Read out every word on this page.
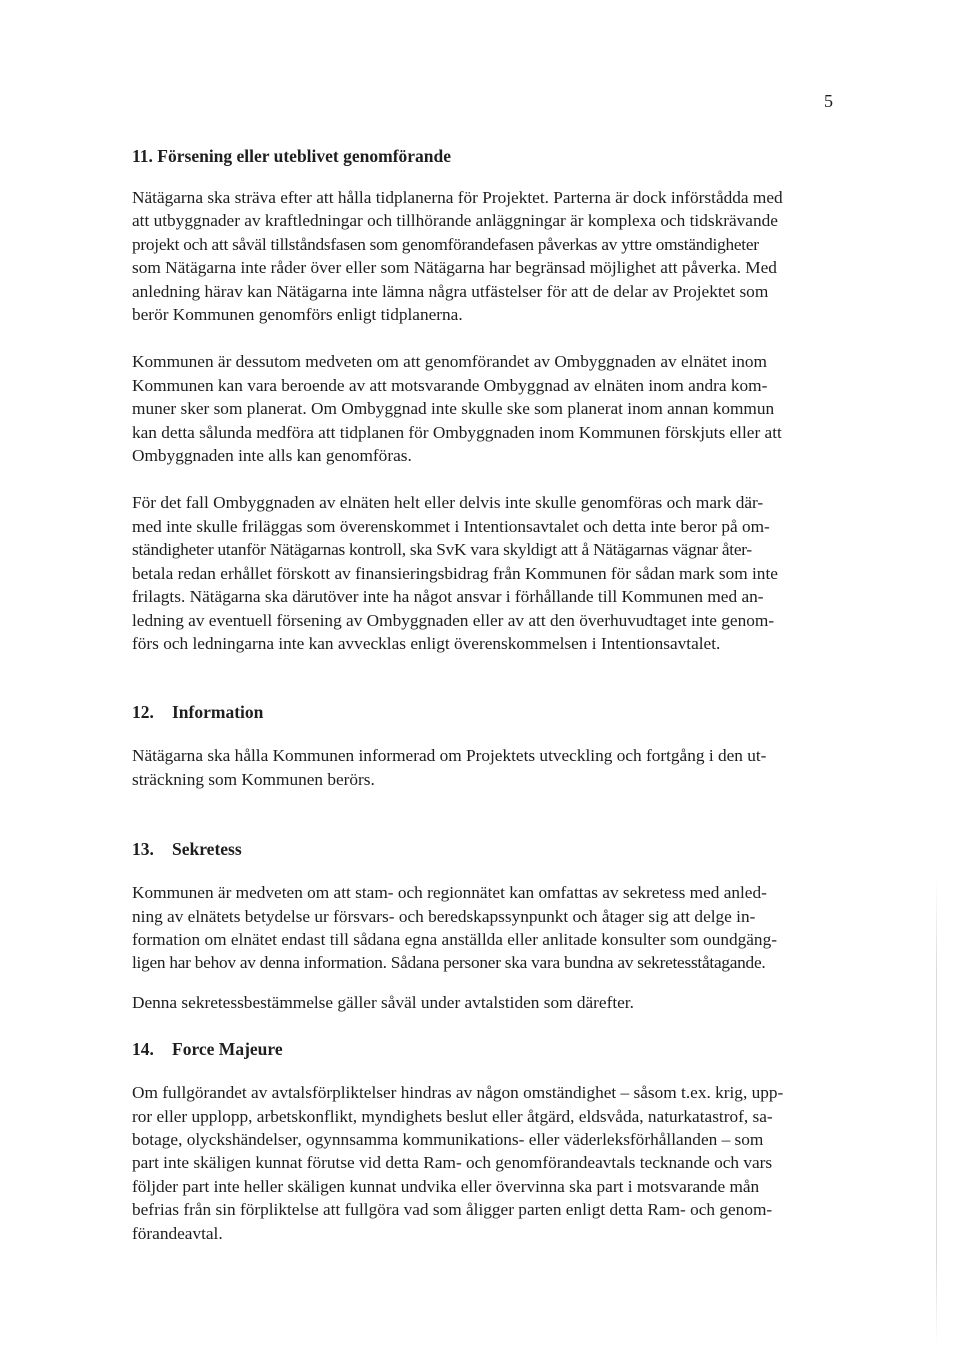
5
11. Försening eller uteblivet genomförande

Nätägarna ska sträva efter att hålla tidplanerna för Projektet. Parterna är dock införstådda med
att utbyggnader av kraftledningar och tillhörande anläggningar är komplexa och tidskrävande
projekt och att såväl tillståndsfasen som genomförandefasen påverkas av yttre omständigheter
som Nätägarna inte råder över eller som Nätägarna har begränsad möjlighet att påverka. Med
anledning härav kan Nätägarna inte lämna några utfästelser för att de delar av Projektet som
berör Kommunen genomförs enligt tidplanerna.

Kommunen är dessutom medveten om att genomförandet av Ombyggnaden av elnätet inom
Kommunen kan vara beroende av att motsvarande Ombyggnad av elnäten inom andra kom-
muner sker som planerat. Om Ombyggnad inte skulle ske som planerat inom annan kommun
kan detta sålunda medföra att tidplanen för Ombyggnaden inom Kommunen förskjuts eller att
Ombyggnaden inte alls kan genomföras.

För det fall Ombyggnaden av elnäten helt eller delvis inte skulle genomföras och mark där-
med inte skulle friläggas som överenskommet i Intentionsavtalet och detta inte beror på om-
ständigheter utanför Nätägarnas kontroll, ska SvK vara skyldigt att å Nätägarnas vägnar åter-
betala redan erhållet förskott av finansieringsbidrag från Kommunen för sådan mark som inte
frilagts. Nätägarna ska därutöver inte ha något ansvar i förhållande till Kommunen med an-
ledning av eventuell försening av Ombyggnaden eller av att den överhuvudtaget inte genom-
förs och ledningarna inte kan avvecklas enligt överenskommelsen i Intentionsavtalet.

12. Information

Nätägarna ska hålla Kommunen informerad om Projektets utveckling och fortgång i den ut-
sträckning som Kommunen berörs.

13. Sekretess

Kommunen är medveten om att stam- och regionnätet kan omfattas av sekretess med anled-
ning av elnätets betydelse ur försvars- och beredskapssynpunkt och åtager sig att delge in-
formation om elnätet endast till sådana egna anställda eller anlitade konsulter som oundgäng-
ligen har behov av denna information. Sådana personer ska vara bundna av sekretesståtagande.

Denna sekretessbestämmelse gäller såväl under avtalstiden som därefter.

14. Force Majeure

Om fullgörandet av avtalsförpliktelser hindras av någon omständighet – såsom t.ex. krig, upp-
ror eller upplopp, arbetskonflikt, myndighets beslut eller åtgärd, eldsvåda, naturkatastrof, sa-
botage, olyckshändelser, ogynnsamma kommunikations- eller väderleksförhållanden – som
part inte skäligen kunnat förutse vid detta Ram- och genomförandeavtals tecknande och vars
följder part inte heller skäligen kunnat undvika eller övervinna ska part i motsvarande mån
befrias från sin förpliktelse att fullgöra vad som åligger parten enligt detta Ram- och genom-
förandeavtal.
